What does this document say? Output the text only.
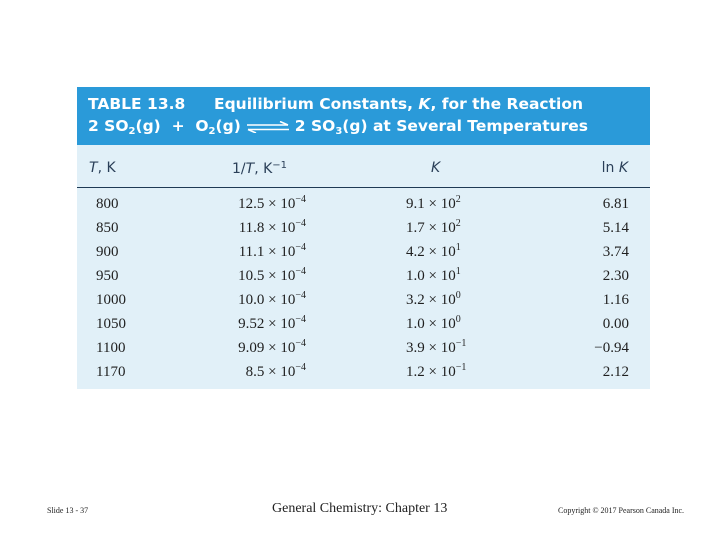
TABLE 13.8 Equilibrium Constants, K, for the Reaction
2 $SO_2(g) + O_2(g)$ ⇌ 2 $SO_3(g)$ at Several Temperatures
T, K	1/T, $K^{-1}$	K	ln K
800	$12.5 \times 10^{-4}$	$9.1 \times 10^2$	6.81
850	$11.8 \times 10^{-4}$	$1.7 \times 10^2$	5.14
900	$11.1 \times 10^{-4}$	$4.2 \times 10^1$	3.74
950	$10.5 \times 10^{-4}$	$1.0 \times 10^1$	2.30
1000	$10.0 \times 10^{-4}$	$3.2 \times 10^0$	1.16
1050	$9.52 \times 10^{-4}$	$1.0 \times 10^0$	0.00
1100	$9.09 \times 10^{-4}$	$3.9 \times 10^{-1}$	−0.94
1170	$8.5 \times 10^{-4}$	$1.2 \times 10^{-1}$	2.12
Slide 13 - 37	General Chemistry: Chapter 13	Copyright © 2017 Pearson Canada Inc.
